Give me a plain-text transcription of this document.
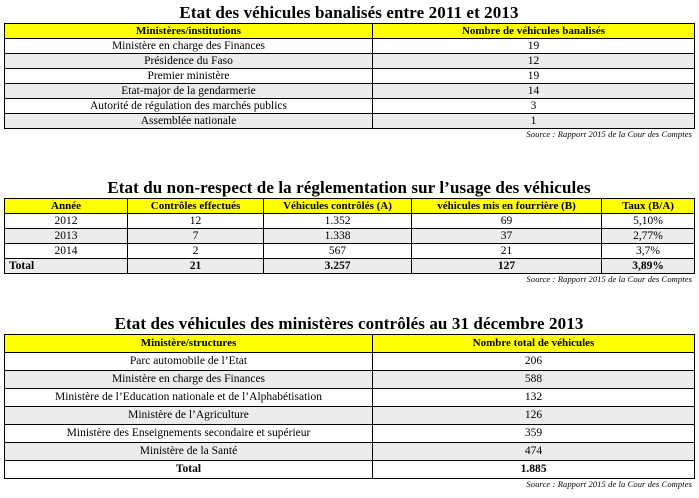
Etat des véhicules banalisés entre 2011 et 2013
Ministères/institutions	Nombre de véhicules banalisés
Ministère en charge des Finances	19
Présidence du Faso	12
Premier ministère	19
Etat-major de la gendarmerie	14
Autorité de régulation des marchés publics	3
Assemblée nationale	1
Source : Rapport 2015 de la Cour des Comptes
Etat du non-respect de la réglementation sur l’usage des véhicules
Année	Contrôles effectués	Véhicules contrôlés (A)	véhicules mis en fourrière (B)	Taux (B/A)
2012	12	1.352	69	5,10%
2013	7	1.338	37	2,77%
2014	2	567	21	3,7%
Total	21	3.257	127	3,89%
Source : Rapport 2015 de la Cour des Comptes
Etat des véhicules des ministères contrôlés au 31 décembre 2013
Ministère/structures	Nombre total de véhicules
Parc automobile de l’Etat	206
Ministère en charge des Finances	588
Ministère de l’Education nationale et de l’Alphabétisation	132
Ministère de l’Agriculture	126
Ministère des Enseignements secondaire et supérieur	359
Ministère de la Santé	474
Total	1.885
Source : Rapport 2015 de la Cour des Comptes
